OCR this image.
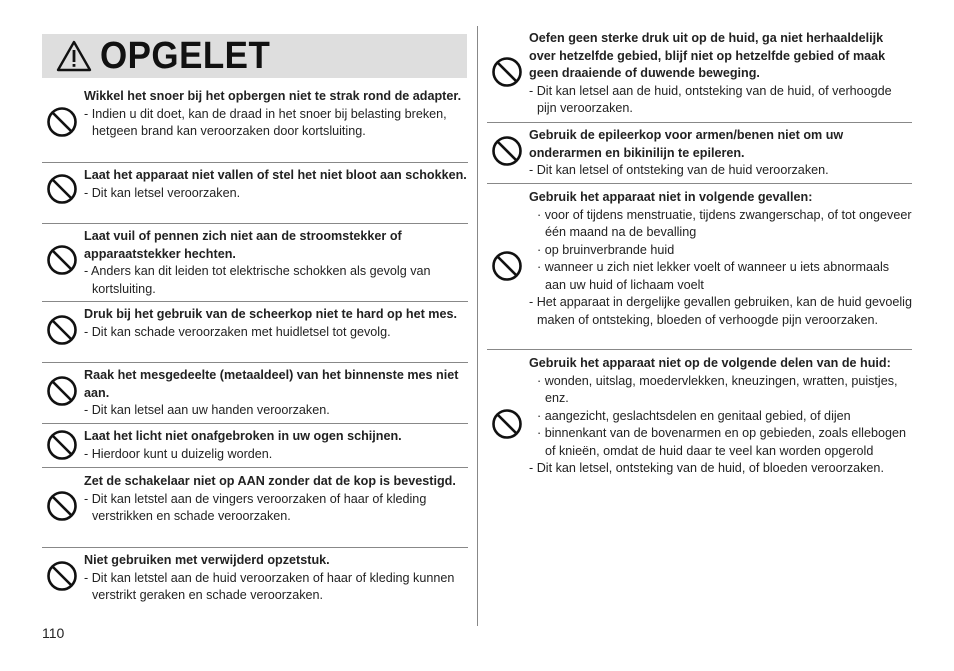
OPGELET
Wikkel het snoer bij het opbergen niet te strak rond de adapter.
- Indien u dit doet, kan de draad in het snoer bij belasting breken, hetgeen brand kan veroorzaken door kortsluiting.
Laat het apparaat niet vallen of stel het niet bloot aan schokken.
- Dit kan letsel veroorzaken.
Laat vuil of pennen zich niet aan de stroomstekker of apparaatstekker hechten.
- Anders kan dit leiden tot elektrische schokken als gevolg van kortsluiting.
Druk bij het gebruik van de scheerkop niet te hard op het mes.
- Dit kan schade veroorzaken met huidletsel tot gevolg.
Raak het mesgedeelte (metaaldeel) van het binnenste mes niet aan.
- Dit kan letsel aan uw handen veroorzaken.
Laat het licht niet onafgebroken in uw ogen schijnen.
- Hierdoor kunt u duizelig worden.
Zet de schakelaar niet op AAN zonder dat de kop is bevestigd.
- Dit kan letstel aan de vingers veroorzaken of haar of kleding verstrikken en schade veroorzaken.
Niet gebruiken met verwijderd opzetstuk.
- Dit kan letstel aan de huid veroorzaken of haar of kleding kunnen verstrikt geraken en schade veroorzaken.
Oefen geen sterke druk uit op de huid, ga niet herhaaldelijk over hetzelfde gebied, blijf niet op hetzelfde gebied of maak geen draaiende of duwende beweging.
- Dit kan letsel aan de huid, ontsteking van de huid, of verhoogde pijn veroorzaken.
Gebruik de epileerkop voor armen/benen niet om uw onderarmen en bikinilijn te epileren.
- Dit kan letsel of ontsteking van de huid veroorzaken.
Gebruik het apparaat niet in volgende gevallen:
· voor of tijdens menstruatie, tijdens zwangerschap, of tot ongeveer één maand na de bevalling
· op bruinverbrande huid
· wanneer u zich niet lekker voelt of wanneer u iets abnormaals aan uw huid of lichaam voelt
- Het apparaat in dergelijke gevallen gebruiken, kan de huid gevoelig maken of ontsteking, bloeden of verhoogde pijn veroorzaken.
Gebruik het apparaat niet op de volgende delen van de huid:
· wonden, uitslag, moedervlekken, kneuzingen, wratten, puistjes, enz.
· aangezicht, geslachtsdelen en genitaal gebied, of dijen
· binnenkant van de bovenarmen en op gebieden, zoals ellebogen of knieën, omdat de huid daar te veel kan worden opgerold
- Dit kan letsel, ontsteking van de huid, of bloeden veroorzaken.
110
